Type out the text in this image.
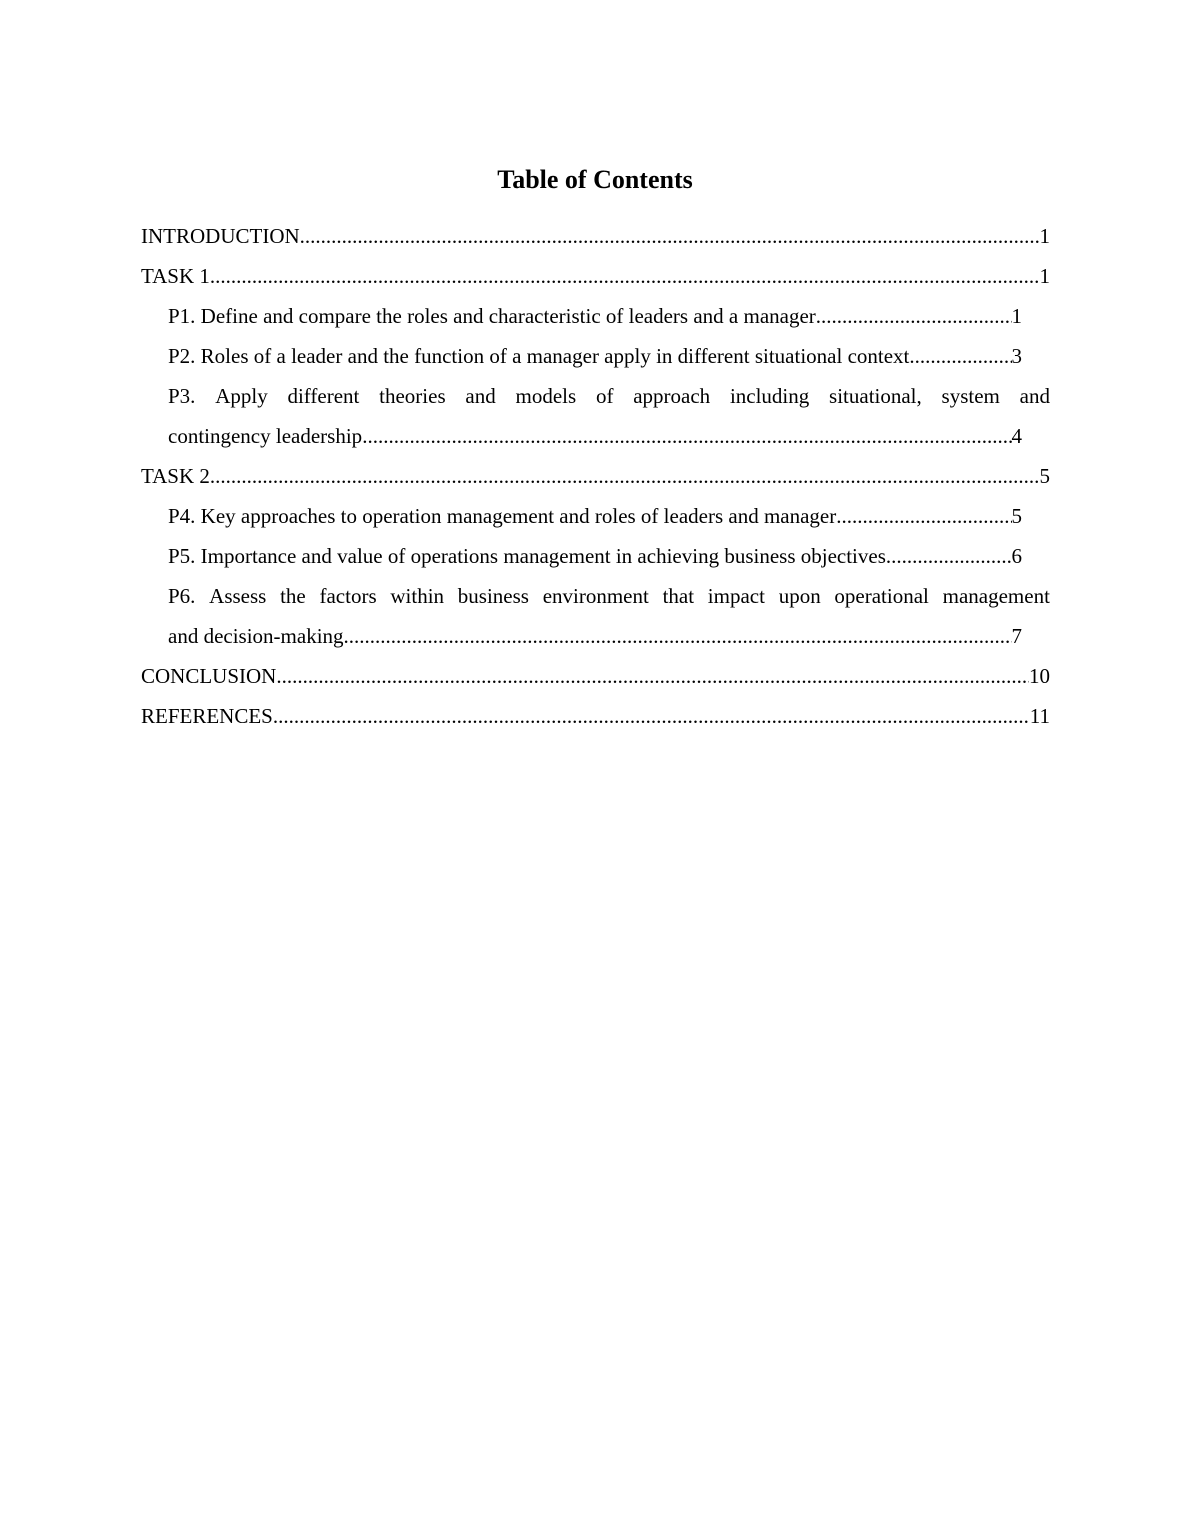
Table of Contents
INTRODUCTION .....	1
TASK 1 .....	1
P1. Define and compare the roles and characteristic of leaders and a manager .....	1
P2. Roles of a leader and the function of a manager apply in different situational context .....	3
P3. Apply different theories and models of approach including situational, system and
contingency leadership .....	4
TASK 2 .....	5
P4. Key approaches to operation management and roles of leaders and manager .....	5
P5. Importance and value of operations management in achieving business objectives .....	6
P6. Assess the factors within business environment that impact upon operational management
and decision-making .....	7
CONCLUSION .....	10
REFERENCES .....	11
